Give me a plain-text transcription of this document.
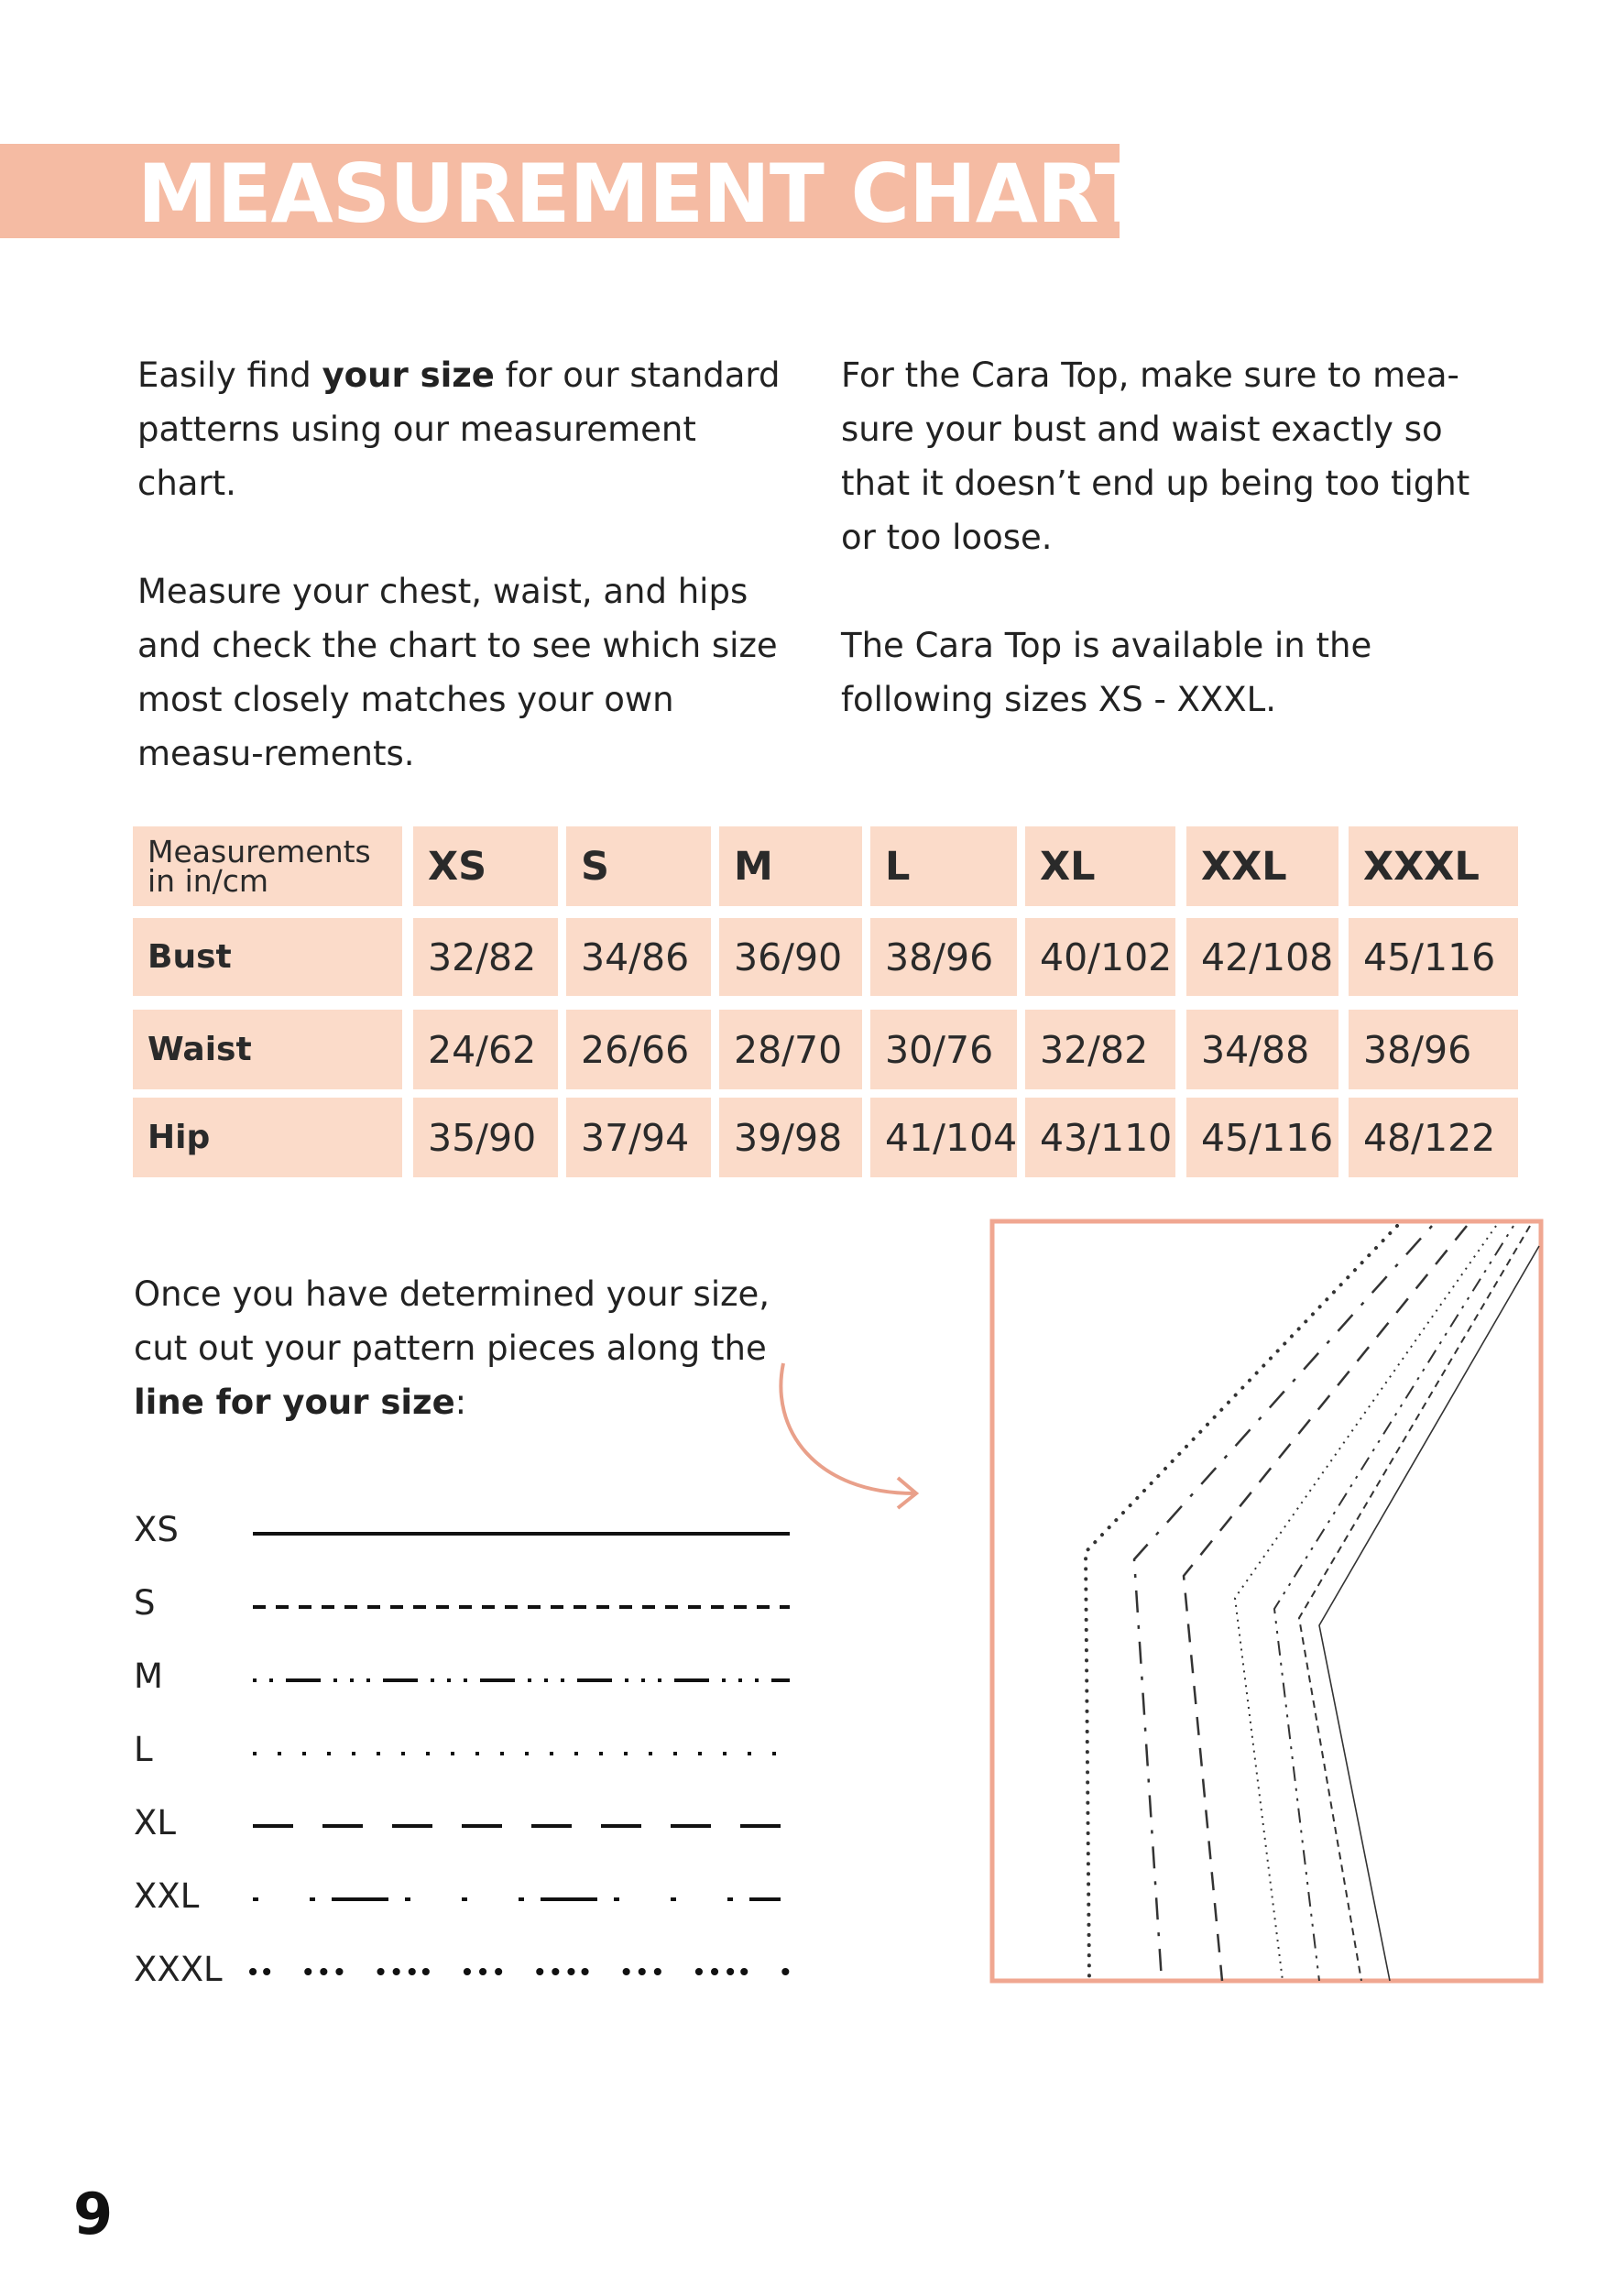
MEASUREMENT CHART

Easily find your size for our standard patterns using our measurement chart.

Measure your chest, waist, and hips and check the chart to see which size most closely matches your own measu-rements.

For the Cara Top, make sure to mea-sure your bust and waist exactly so that it doesn’t end up being too tight or too loose.

The Cara Top is available in the following sizes XS - XXXL.

Measurements
in in/cm	XS	S	M	L	XL	XXL	XXXL
Bust	32/82	34/86	36/90	38/96	40/102 42/108 45/116
Waist	24/62	26/66	28/70	30/76	32/82	34/88	38/96
Hip	35/90	37/94	39/98	41/104 43/110 45/116 48/122

Once you have determined your size, cut out your pattern pieces along the line for your size:

XS
S
M
L
XL
XXL
XXXL
9
